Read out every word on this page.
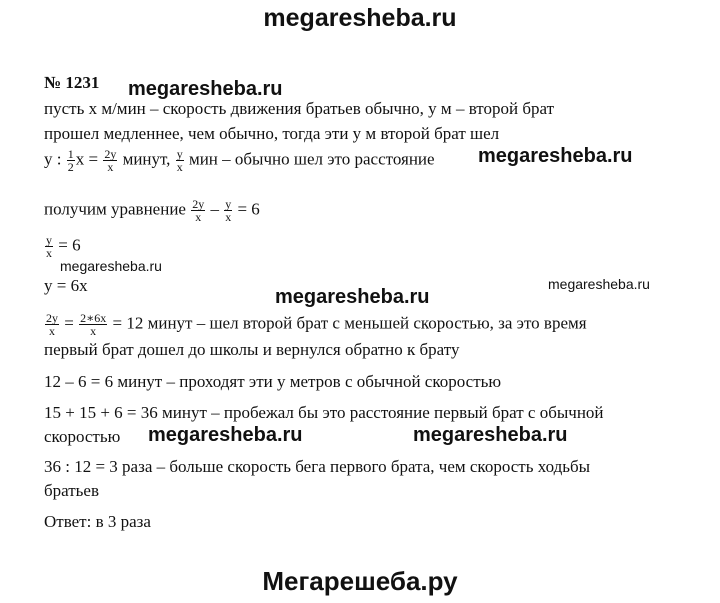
megaresheba.ru
№ 1231 megaresheba.ru
пусть х м/мин – скорость движения братьев обычно, у м – второй брат
прошел медленнее, чем обычно, тогда эти у м второй брат шел
у : $\frac{1}{2}$ $х = \frac{2у}{х}$ минут, $\frac{у}{х}$ мин – обычно шел это расстояние megaresheba.ru
получим уравнение $\frac{2у}{х} - \frac{у}{х} = 6$
$\frac{у}{х} = 6$
megaresheba.ru
у = 6х	megaresheba.ru
megaresheba.ru
$\frac{2у}{х} = \frac{2∗6х}{х} = 12$ минут – шел второй брат с меньшей скоростью, за это время
первый брат дошел до школы и вернулся обратно к брату
12 – 6 = 6 минут – проходят эти у метров с обычной скоростью
15 + 15 + 6 = 36 минут – пробежал бы это расстояние первый брат с обычной
скоростью megaresheba.ru	megaresheba.ru
36 : 12 = 3 раза – больше скорость бега первого брата, чем скорость ходьбы
братьев
Ответ: в 3 раза
Мегарешеба.ру
